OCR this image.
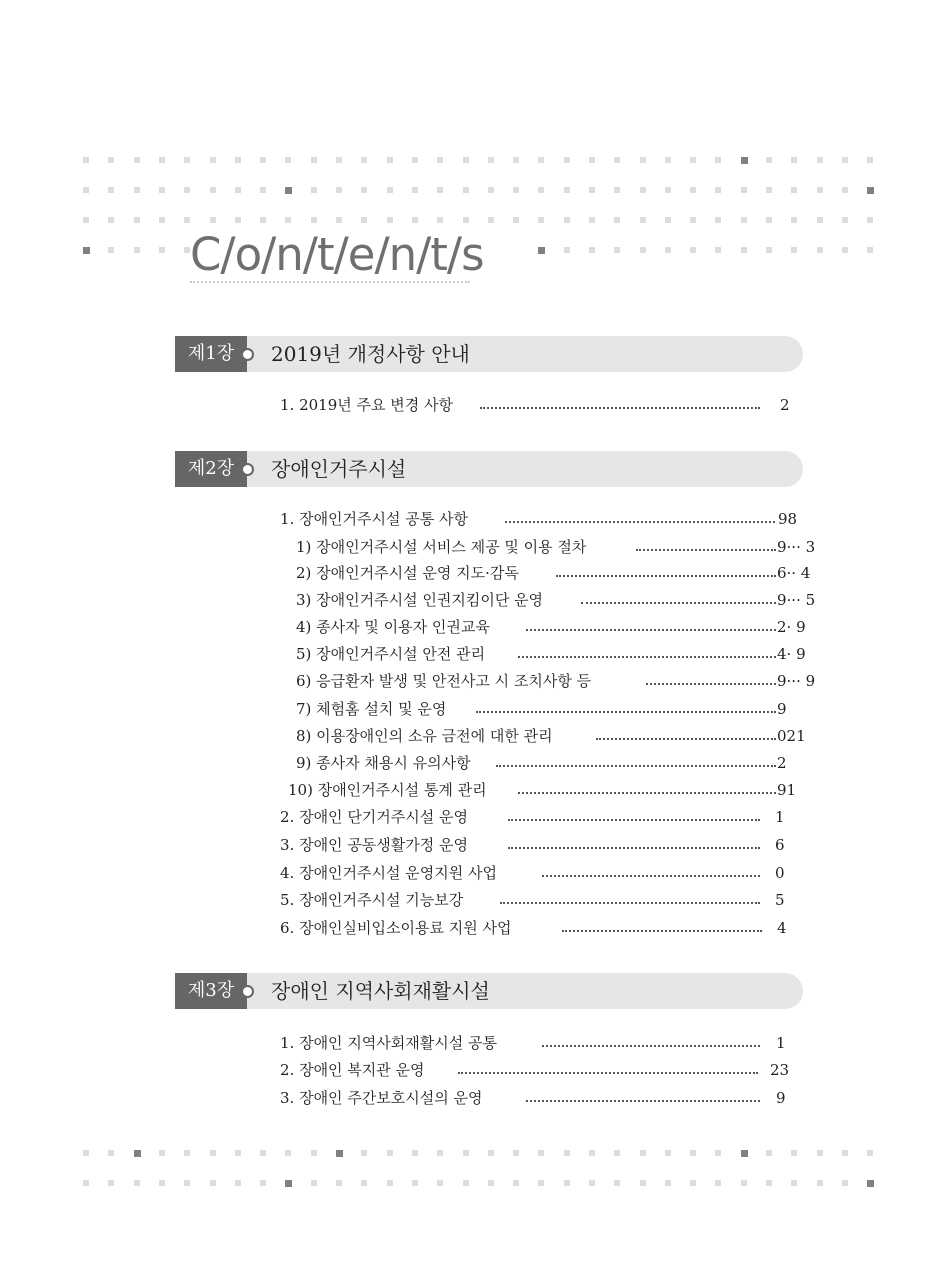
C/o/n/t/e/n/t/s
제1장	2019년 개정사항 안내
1. 2019년 주요 변경 사항	2
제2장	장애인거주시설
1. 장애인거주시설 공통 사항	98
1) 장애인거주시설 서비스 제공 및 이용 절차	9··· 3
2) 장애인거주시설 운영 지도·감독	6·· 4
3) 장애인거주시설 인권지킴이단 운영	9··· 5
4) 종사자 및 이용자 인권교육	2· 9
5) 장애인거주시설 안전 관리	4· 9
6) 응급환자 발생 및 안전사고 시 조치사항 등	9··· 9
7) 체험홈 설치 및 운영	9
8) 이용장애인의 소유 금전에 대한 관리	021
9) 종사자 채용시 유의사항	2
10) 장애인거주시설 통계 관리	91
2. 장애인 단기거주시설 운영	1
3. 장애인 공동생활가정 운영	6
4. 장애인거주시설 운영지원 사업	0
5. 장애인거주시설 기능보강	5
6. 장애인실비입소이용료 지원 사업	4
제3장	장애인 지역사회재활시설
1. 장애인 지역사회재활시설 공통	1
2. 장애인 복지관 운영	23
3. 장애인 주간보호시설의 운영	9
